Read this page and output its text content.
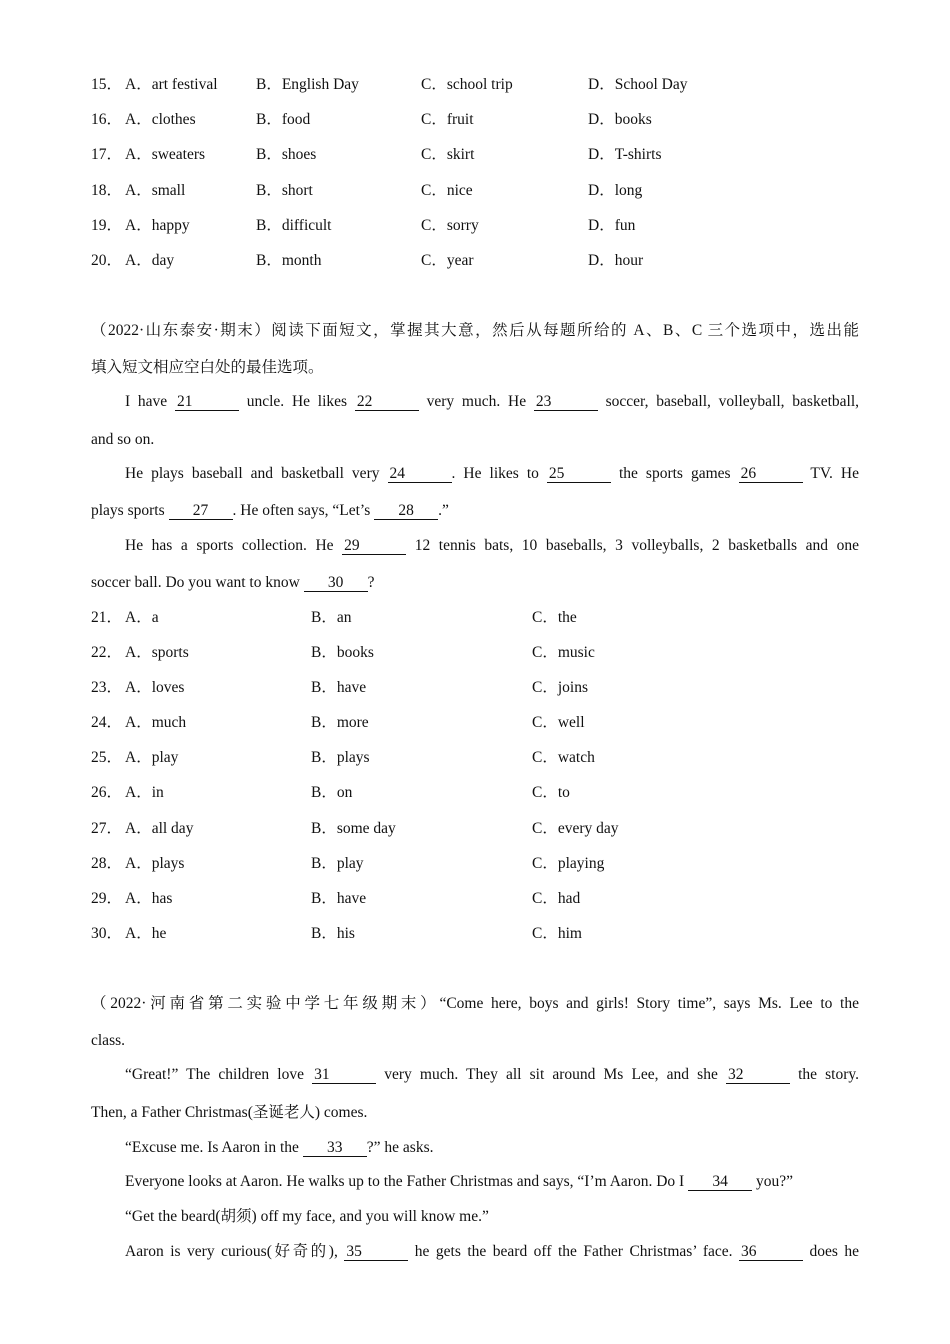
15． A．art festival B．English Day	C．school trip	D．School Day
16． A．clothes	B．food	C．fruit	D．books
17． A．sweaters	B．shoes	C．skirt	D．T-shirts
18． A．small	B．short	C．nice	D．long
19． A．happy	B．difficult	C．sorry	D．fun
20． A．day	B．month	C．year	D．hour
（2022·山东泰安·期末）阅读下面短文，掌握其大意，然后从每题所给的 A、B、C 三个选项中，选出能
填入短文相应空白处的最佳选项。
I have 21	uncle. He likes 22	very much. He 23	soccer, baseball, volleyball, basketball,
and so on.
He plays baseball and basketball very 24	. He likes to 25	the sports games 26	TV. He
plays sports 27 . He often says, “Let’s 28 .”
He has a sports collection. He 29	12 tennis bats, 10 baseballs, 3 volleyballs, 2 basketballs and one
soccer ball. Do you want to know 30 ?
21． A．a	B．an	C．the
22． A．sports	B．books	C．music
23． A．loves	B．have	C．joins
24． A．much	B．more	C．well
25． A．play	B．plays	C．watch
26． A．in	B．on	C．to
27． A．all day	B．some day	C．every day
28． A．plays	B．play	C．playing
29． A．has	B．have	C．had
30． A．he	B．his	C．him
（2022·河南省第二实验中学七年级期末）“Come here, boys and girls! Story time”, says Ms. Lee to the
class.
“Great!” The children love 31	very much. They all sit around Ms Lee, and she 32	the story.
Then, a Father Christmas(圣诞老人) comes.
“Excuse me. Is Aaron in the 33 ?” he asks.
Everyone looks at Aaron. He walks up to the Father Christmas and says, “I’m Aaron. Do I 34 you?”
“Get the beard(胡须) off my face, and you will know me.”
Aaron is very curious(好奇的), 35	he gets the beard off the Father Christmas’ face. 36	does he
